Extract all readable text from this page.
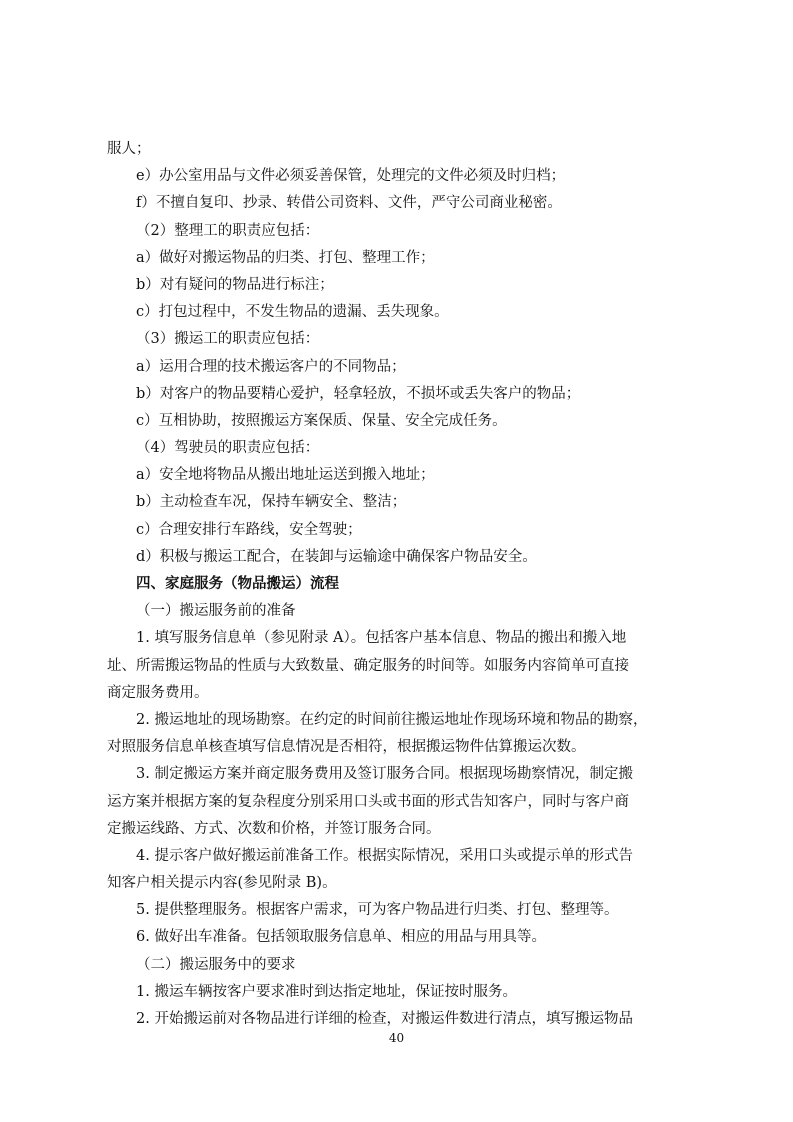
服人；
e）办公室用品与文件必须妥善保管，处理完的文件必须及时归档；
f）不擅自复印、抄录、转借公司资料、文件，严守公司商业秘密。
（2）整理工的职责应包括：
a）做好对搬运物品的归类、打包、整理工作；
b）对有疑问的物品进行标注；
c）打包过程中，不发生物品的遗漏、丢失现象。
（3）搬运工的职责应包括：
a）运用合理的技术搬运客户的不同物品；
b）对客户的物品要精心爱护，轻拿轻放，不损坏或丢失客户的物品；
c）互相协助，按照搬运方案保质、保量、安全完成任务。
（4）驾驶员的职责应包括：
a）安全地将物品从搬出地址运送到搬入地址；
b）主动检查车况，保持车辆安全、整洁；
c）合理安排行车路线，安全驾驶；
d）积极与搬运工配合，在装卸与运输途中确保客户物品安全。
四、家庭服务（物品搬运）流程
（一）搬运服务前的准备
1. 填写服务信息单（参见附录 A）。包括客户基本信息、物品的搬出和搬入地
址、所需搬运物品的性质与大致数量、确定服务的时间等。如服务内容简单可直接
商定服务费用。
2. 搬运地址的现场勘察。在约定的时间前往搬运地址作现场环境和物品的勘察，
对照服务信息单核查填写信息情况是否相符，根据搬运物件估算搬运次数。
3. 制定搬运方案并商定服务费用及签订服务合同。根据现场勘察情况，制定搬
运方案并根据方案的复杂程度分别采用口头或书面的形式告知客户，同时与客户商
定搬运线路、方式、次数和价格，并签订服务合同。
4. 提示客户做好搬运前准备工作。根据实际情况，采用口头或提示单的形式告
知客户相关提示内容(参见附录 B)。
5. 提供整理服务。根据客户需求，可为客户物品进行归类、打包、整理等。
6. 做好出车准备。包括领取服务信息单、相应的用品与用具等。
（二）搬运服务中的要求
1. 搬运车辆按客户要求准时到达指定地址，保证按时服务。
2. 开始搬运前对各物品进行详细的检查，对搬运件数进行清点，填写搬运物品
40
